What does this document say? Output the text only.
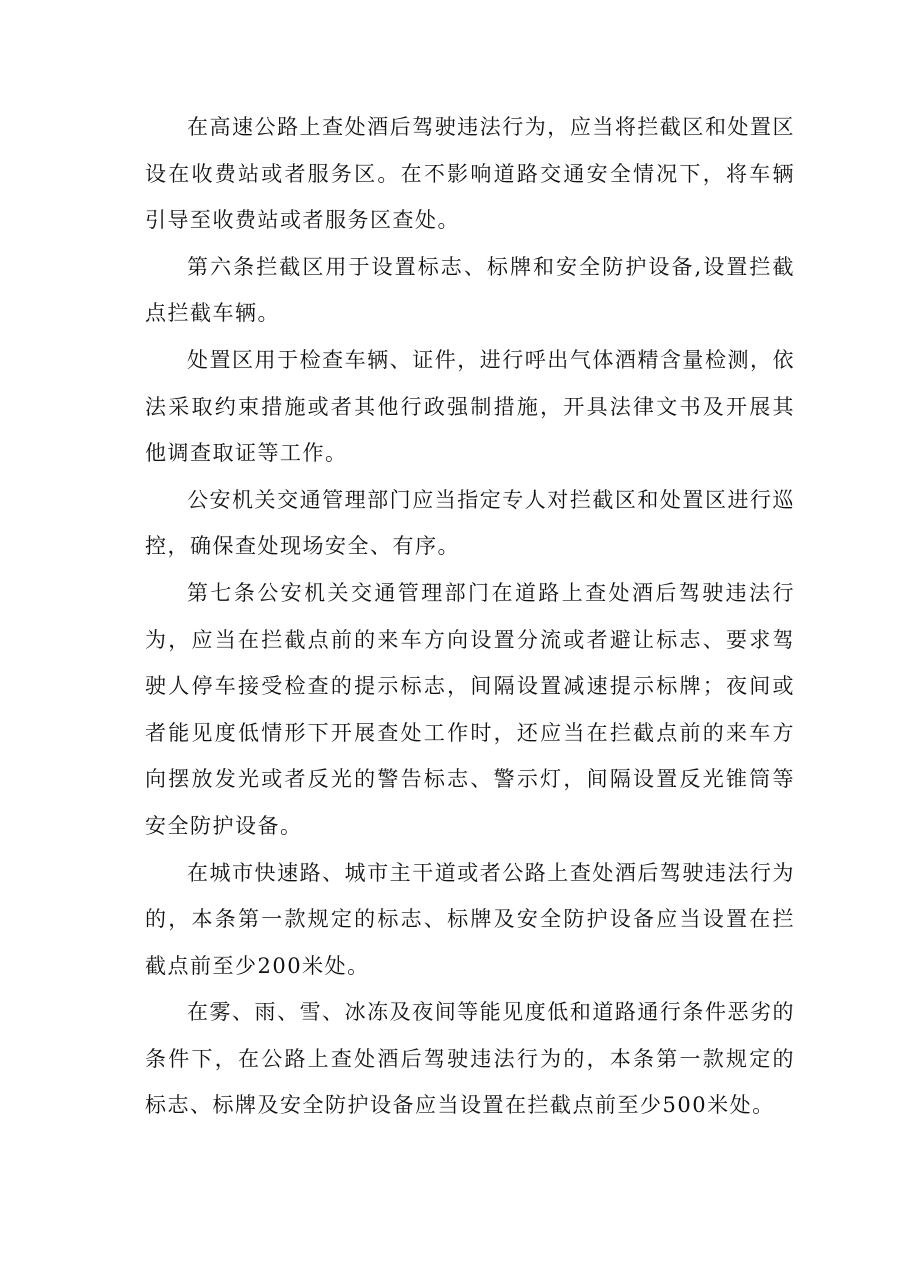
在高速公路上查处酒后驾驶违法行为，应当将拦截区和处置区设在收费站或者服务区。在不影响道路交通安全情况下，将车辆引导至收费站或者服务区查处。

第六条拦截区用于设置标志、标牌和安全防护设备,设置拦截点拦截车辆。

处置区用于检查车辆、证件，进行呼出气体酒精含量检测，依法采取约束措施或者其他行政强制措施，开具法律文书及开展其他调查取证等工作。

公安机关交通管理部门应当指定专人对拦截区和处置区进行巡控，确保查处现场安全、有序。

第七条公安机关交通管理部门在道路上查处酒后驾驶违法行为，应当在拦截点前的来车方向设置分流或者避让标志、要求驾驶人停车接受检查的提示标志，间隔设置减速提示标牌；夜间或者能见度低情形下开展查处工作时，还应当在拦截点前的来车方向摆放发光或者反光的警告标志、警示灯，间隔设置反光锥筒等安全防护设备。

在城市快速路、城市主干道或者公路上查处酒后驾驶违法行为的，本条第一款规定的标志、标牌及安全防护设备应当设置在拦截点前至少200米处。

在雾、雨、雪、冰冻及夜间等能见度低和道路通行条件恶劣的条件下，在公路上查处酒后驾驶违法行为的，本条第一款规定的标志、标牌及安全防护设备应当设置在拦截点前至少500米处。
